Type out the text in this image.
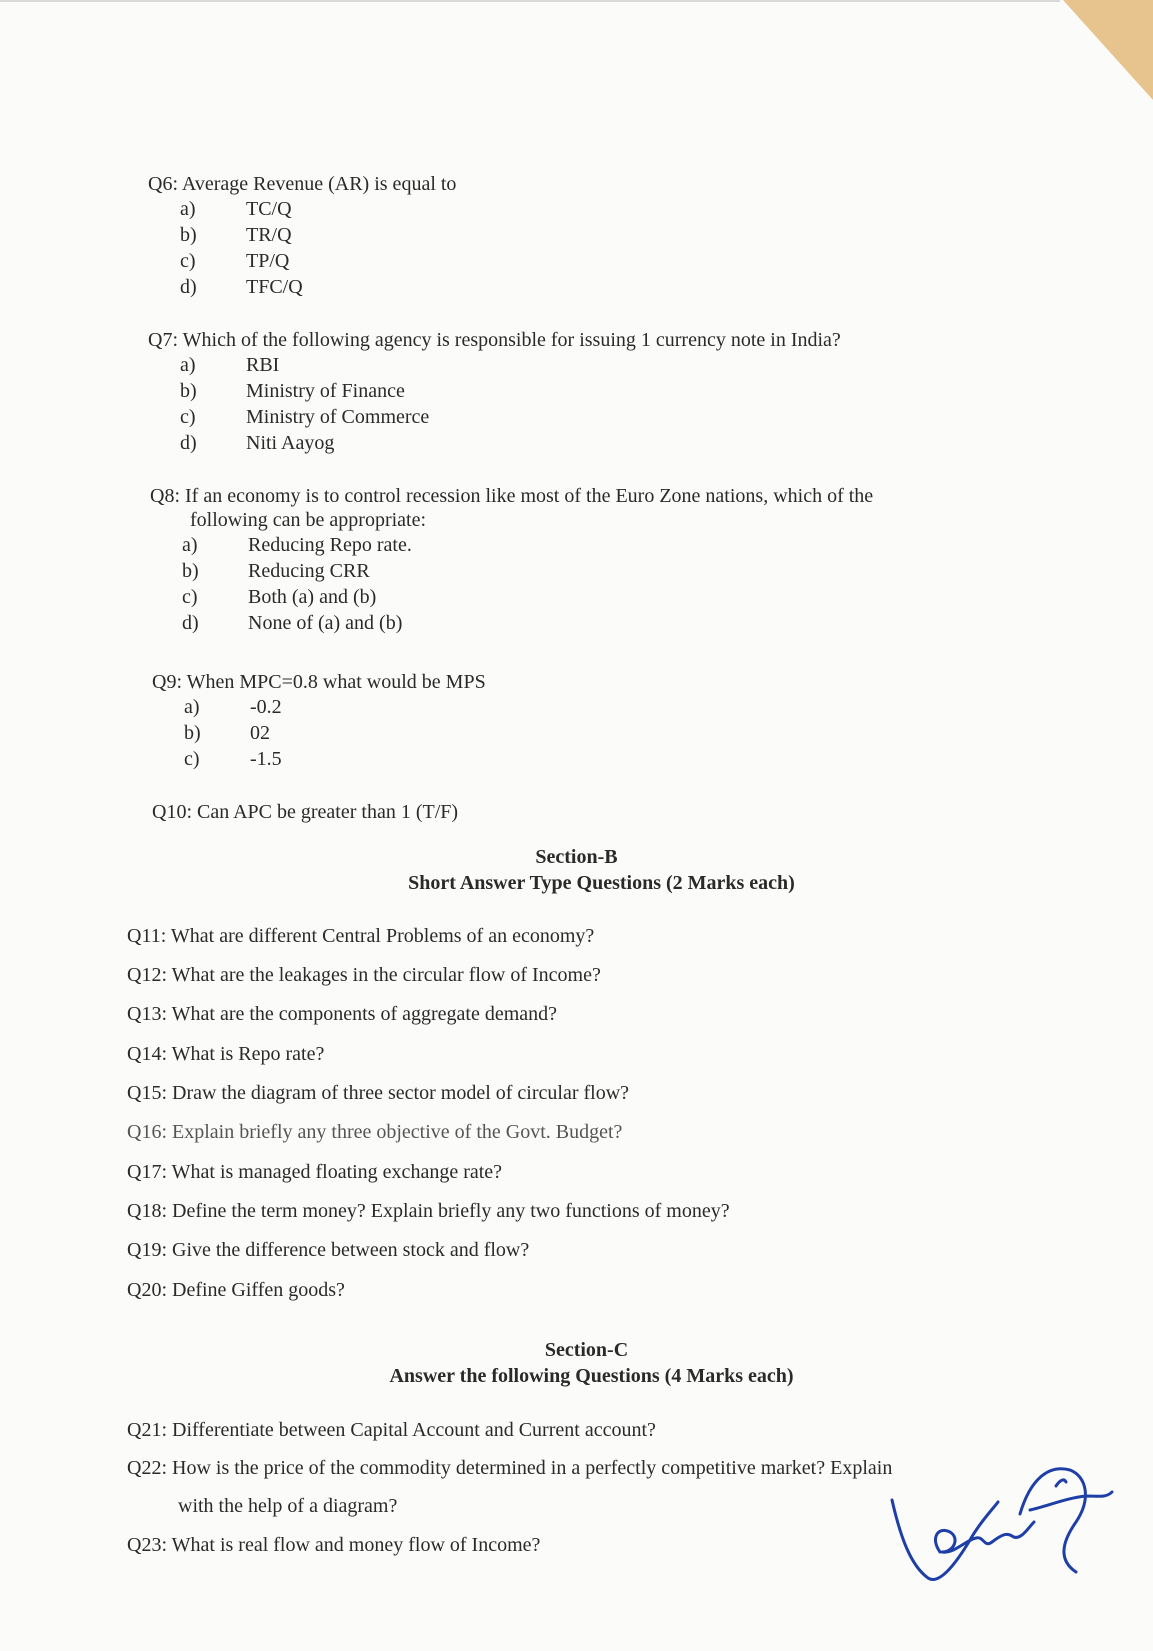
Q6: Average Revenue (AR) is equal to
a)	TC/Q
b)	TR/Q
c)	TP/Q
d)	TFC/Q
Q7: Which of the following agency is responsible for issuing 1 currency note in India?
a)	RBI
b)	Ministry of Finance
c)	Ministry of Commerce
d)	Niti Aayog
Q8: If an economy is to control recession like most of the Euro Zone nations, which of the
following can be appropriate:
a)	Reducing Repo rate.
b)	Reducing CRR
c)	Both (a) and (b)
d)	None of (a) and (b)
Q9: When MPC=0.8 what would be MPS
a)	-0.2
b)	02
c)	-1.5
Q10: Can APC be greater than 1 (T/F)
Section-B
Short Answer Type Questions (2 Marks each)
Q11: What are different Central Problems of an economy?
Q12: What are the leakages in the circular flow of Income?
Q13: What are the components of aggregate demand?
Q14: What is Repo rate?
Q15: Draw the diagram of three sector model of circular flow?
Q16: Explain briefly any three objective of the Govt. Budget?
Q17: What is managed floating exchange rate?
Q18: Define the term money? Explain briefly any two functions of money?
Q19: Give the difference between stock and flow?
Q20: Define Giffen goods?
Section-C
Answer the following Questions (4 Marks each)
Q21: Differentiate between Capital Account and Current account?
Q22: How is the price of the commodity determined in a perfectly competitive market? Explain
with the help of a diagram?
Q23: What is real flow and money flow of Income?
